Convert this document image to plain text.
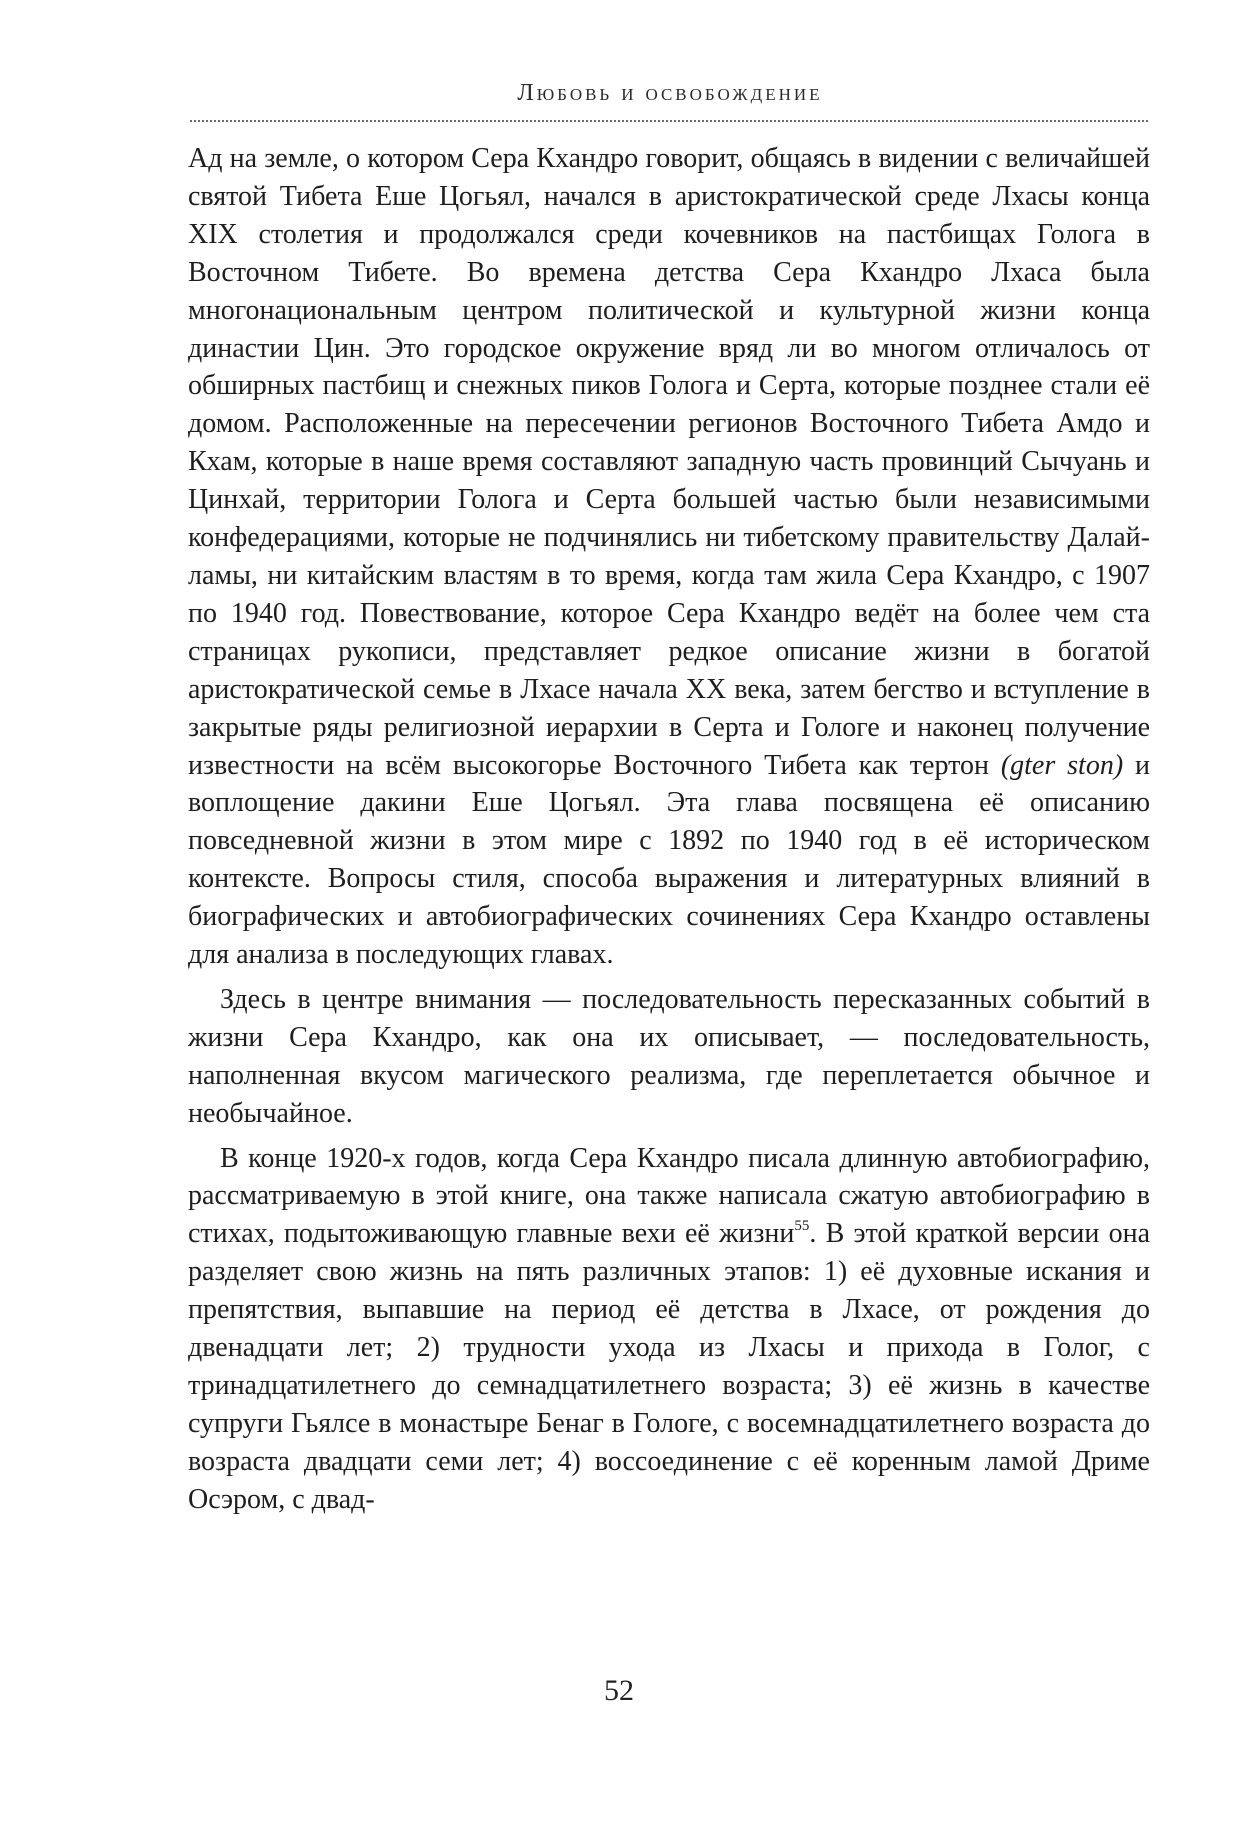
Любовь и освобождение

Ад на земле, о котором Сера Кхандро говорит, общаясь в видении с величайшей святой Тибета Еше Цогьял, начался в аристократической среде Лхасы конца XIX столетия и продолжался среди кочевников на пастбищах Голога в Восточном Тибете. Во времена детства Сера Кхандро Лхаса была многонациональным центром политической и культурной жизни конца династии Цин. Это городское окружение вряд ли во многом отличалось от обширных пастбищ и снежных пиков Голога и Серта, которые позднее стали её домом. Расположенные на пересечении регионов Восточного Тибета Амдо и Кхам, которые в наше время составляют западную часть провинций Сычуань и Цинхай, территории Голога и Серта большей частью были независимыми конфедерациями, которые не подчинялись ни тибетскому правительству Далай-ламы, ни китайским властям в то время, когда там жила Сера Кхандро, с 1907 по 1940 год. Повествование, которое Сера Кхандро ведёт на более чем ста страницах рукописи, представляет редкое описание жизни в богатой аристократической семье в Лхасе начала XX века, затем бегство и вступление в закрытые ряды религиозной иерархии в Серта и Гологе и наконец получение известности на всём высокогорье Восточного Тибета как тертон (gter ston) и воплощение дакини Еше Цогьял. Эта глава посвящена её описанию повседневной жизни в этом мире с 1892 по 1940 год в её историческом контексте. Вопросы стиля, способа выражения и литературных влияний в биографических и автобиографических сочинениях Сера Кхандро оставлены для анализа в последующих главах.

Здесь в центре внимания — последовательность пересказанных событий в жизни Сера Кхандро, как она их описывает, — последовательность, наполненная вкусом магического реализма, где переплетается обычное и необычайное.

В конце 1920-х годов, когда Сера Кхандро писала длинную автобиографию, рассматриваемую в этой книге, она также написала сжатую автобиографию в стихах, подытоживающую главные вехи её жизни$^{55}$. В этой краткой версии она разделяет свою жизнь на пять различных этапов: 1) её духовные искания и препятствия, выпавшие на период её детства в Лхасе, от рождения до двенадцати лет; 2) трудности ухода из Лхасы и прихода в Голог, с тринадцатилетнего до семнадцатилетнего возраста; 3) её жизнь в качестве супруги Гьялсе в монастыре Бенаг в Гологе, с восемнадцатилетнего возраста до возраста двадцати семи лет; 4) воссоединение с её коренным ламой Дриме Осэром, с двад-

52
